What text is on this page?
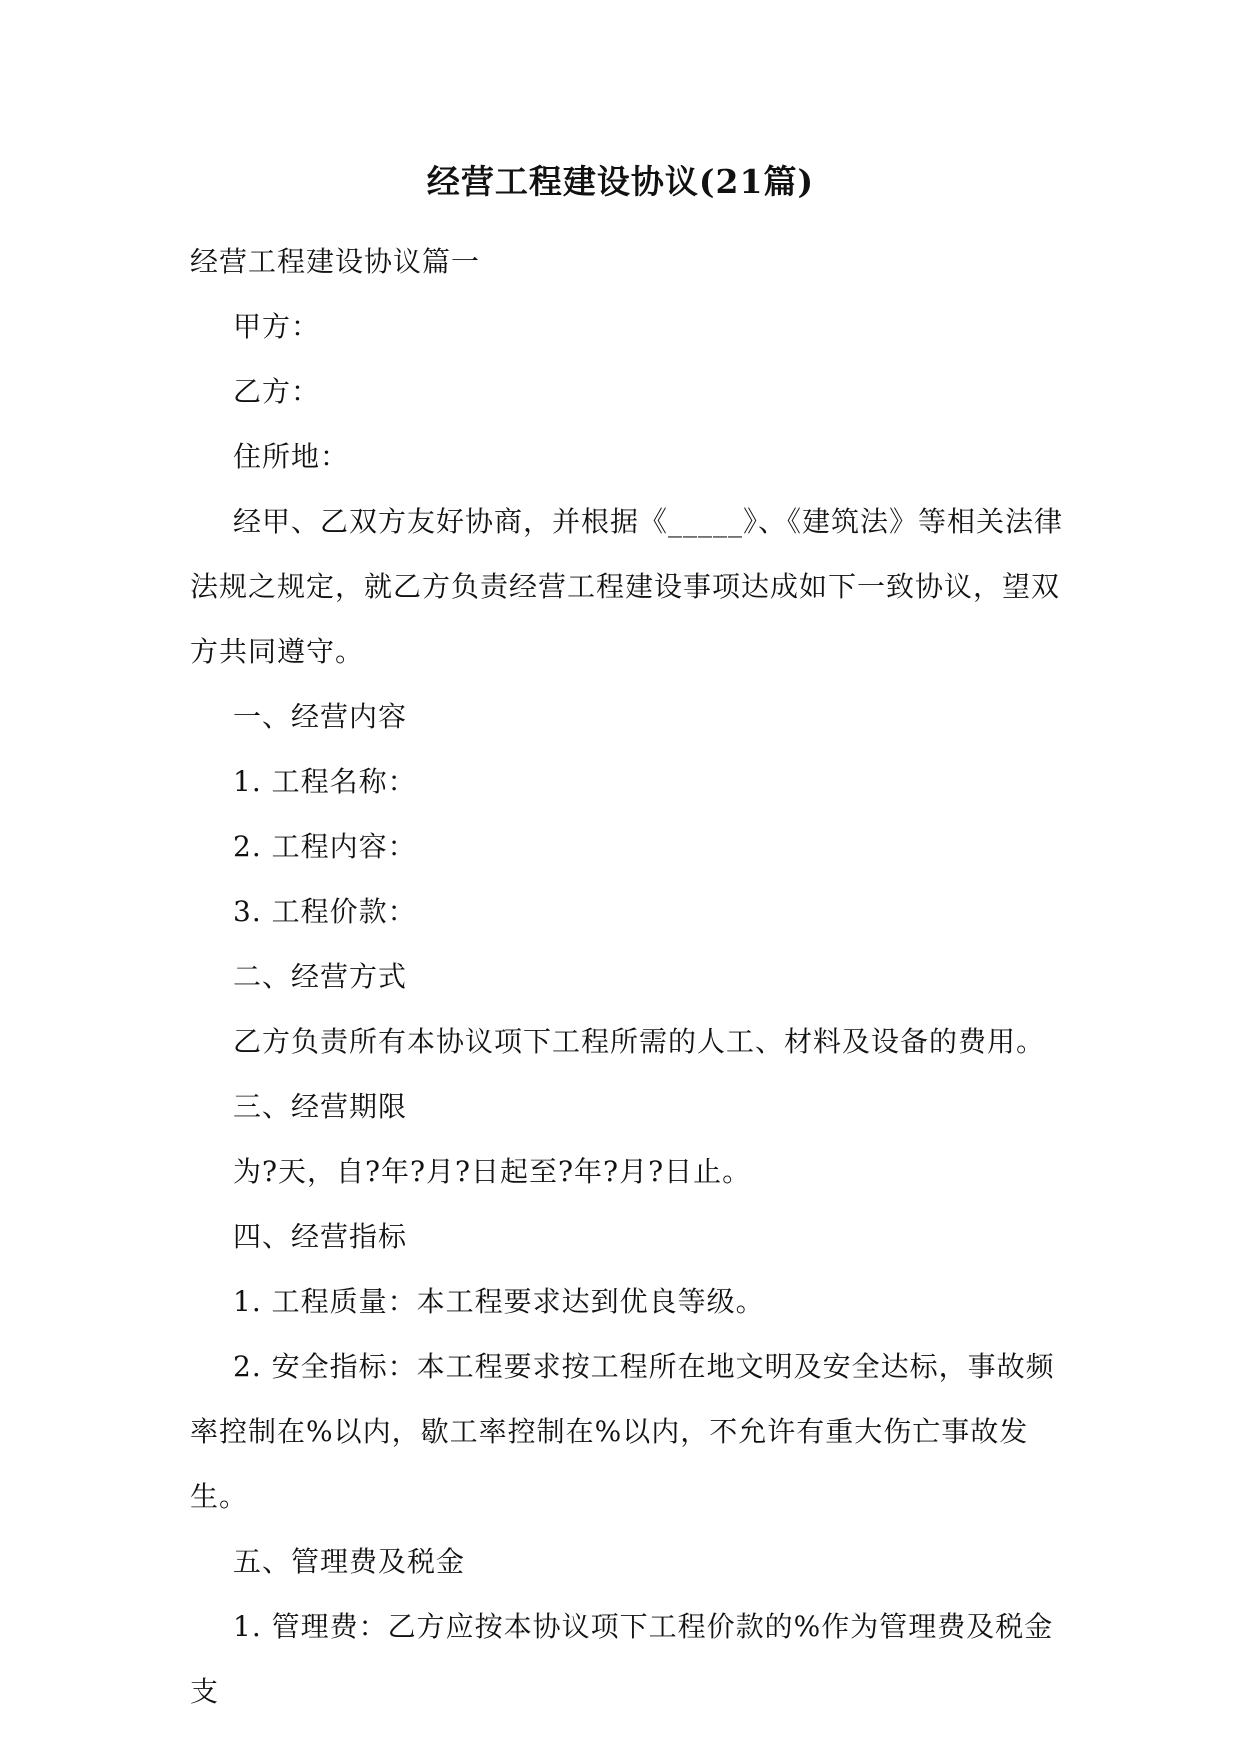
经营工程建设协议(21篇)

经营工程建设协议篇一

甲方：

乙方：

住所地：

经甲、乙双方友好协商，并根据《_____》、《建筑法》等相关法律法规之规定，就乙方负责经营工程建设事项达成如下一致协议，望双方共同遵守。

一、经营内容

1. 工程名称：

2. 工程内容：

3. 工程价款：

二、经营方式

乙方负责所有本协议项下工程所需的人工、材料及设备的费用。

三、经营期限

为?天，自?年?月?日起至?年?月?日止。

四、经营指标

1. 工程质量：本工程要求达到优良等级。

2. 安全指标：本工程要求按工程所在地文明及安全达标，事故频率控制在%以内，歇工率控制在%以内，不允许有重大伤亡事故发生。

五、管理费及税金

1. 管理费：乙方应按本协议项下工程价款的%作为管理费及税金支
